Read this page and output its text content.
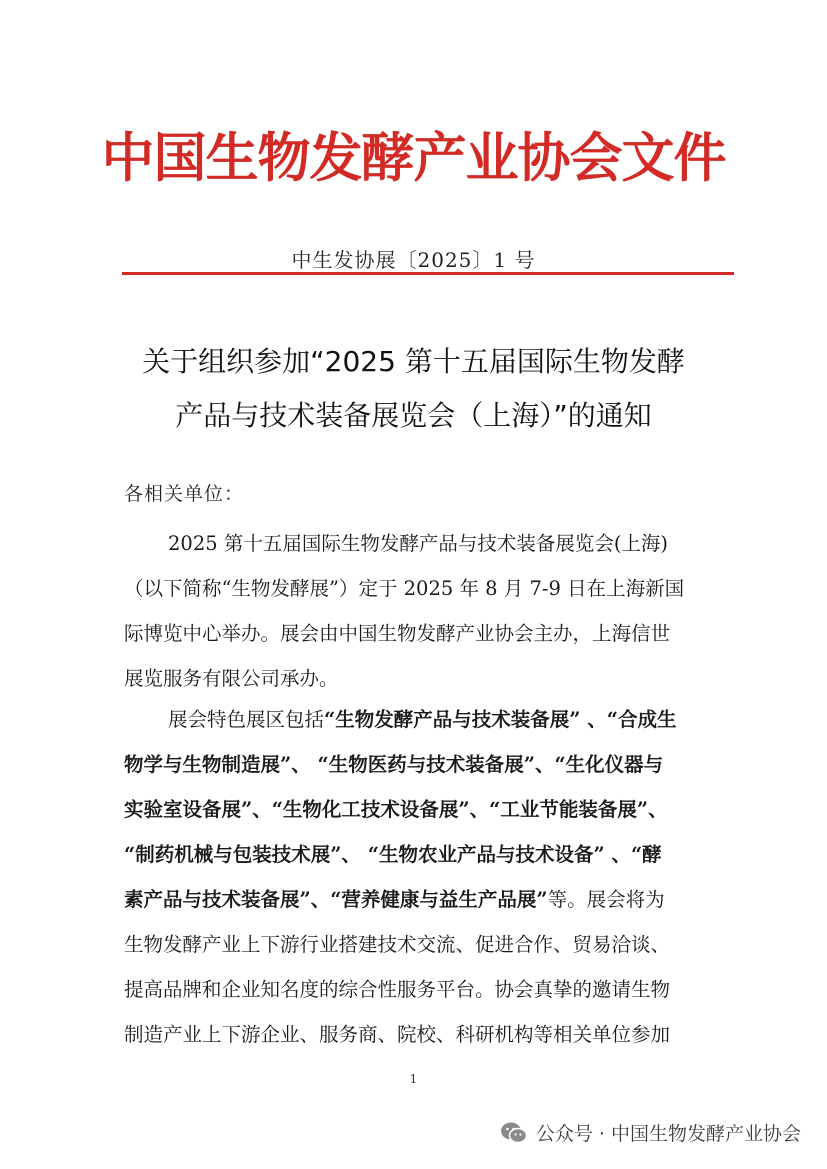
中国生物发酵产业协会文件
中生发协展〔2025〕1 号
关于组织参加“2025 第十五届国际生物发酵
产品与技术装备展览会（上海）”的通知
各相关单位：
2025 第十五届国际生物发酵产品与技术装备展览会(上海)
（以下简称“生物发酵展”）定于 2025 年 8 月 7-9 日在上海新国
际博览中心举办。展会由中国生物发酵产业协会主办，上海信世
展览服务有限公司承办。
展会特色展区包括“生物发酵产品与技术装备展” 、“合成生
物学与生物制造展”、 “生物医药与技术装备展”、“生化仪器与
实验室设备展”、“生物化工技术设备展”、“工业节能装备展”、
“制药机械与包装技术展”、 “生物农业产品与技术设备” 、“酵
素产品与技术装备展”、“营养健康与益生产品展”等。展会将为
生物发酵产业上下游行业搭建技术交流、促进合作、贸易洽谈、
提高品牌和企业知名度的综合性服务平台。协会真挚的邀请生物
制造产业上下游企业、服务商、院校、科研机构等相关单位参加
1
公众号 · 中国生物发酵产业协会
